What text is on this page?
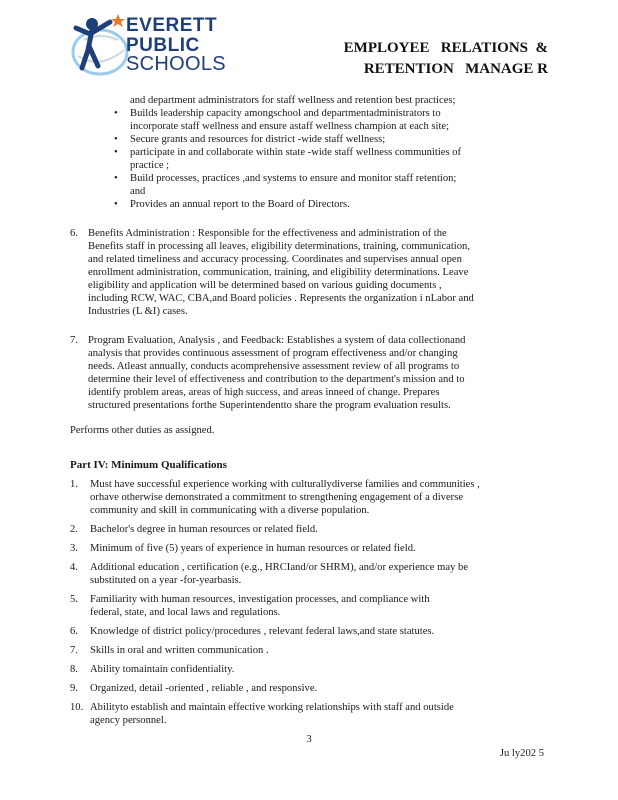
EVERETT
PUBLIC
SCHOOLS
EMPLOYEE   RELATIONS  &
RETENTION   MANAGE R
and department administrators for staff wellness and retention best practices;
• Builds leadership capacity amongschool and departmentadministrators to
incorporate staff wellness and ensure astaff wellness champion at each site;
• Secure grants and resources for district -wide staff wellness;
• participate in and collaborate within state -wide staff wellness communities of
practice ;
• Build processes, practices ,and systems to ensure and monitor staff retention;
and
• Provides an annual report to the Board of Directors.
6. Benefits Administration : Responsible for the effectiveness and administration of the
Benefits staff in processing all leaves, eligibility determinations, training, communication,
and related timeliness and accuracy processing. Coordinates and supervises annual open
enrollment administration, communication, training, and eligibility determinations. Leave
eligibility and application will be determined based on various guiding documents ,
including RCW, WAC, CBA,and Board policies . Represents the organization i nLabor and
Industries (L &I) cases.
7. Program Evaluation, Analysis , and Feedback: Establishes a system of data collectionand
analysis that provides continuous assessment of program effectiveness and/or changing
needs. Atleast annually, conducts acomprehensive assessment review of all programs to
determine their level of effectiveness and contribution to the department's mission and to
identify problem areas, areas of high success, and areas inneed of change. Prepares
structured presentations forthe Superintendentto share the program evaluation results.
Performs other duties as assigned.
Part IV: Minimum Qualifications
1. Must have successful experience working with culturallydiverse families and communities ,
orhave otherwise demonstrated a commitment to strengthening engagement of a diverse
community and skill in communicating with a diverse population.
2. Bachelor's degree in human resources or related field.
3. Minimum of five (5) years of experience in human resources or related field.
4. Additional education , certification (e.g., HRCIand/or SHRM), and/or experience may be
substituted on a year -for-yearbasis.
5. Familiarity with human resources, investigation processes, and compliance with
federal, state, and local laws and regulations.
6. Knowledge of district policy/procedures , relevant federal laws,and state statutes.
7. Skills in oral and written communication .
8. Ability tomaintain confidentiality.
9. Organized, detail -oriented , reliable , and responsive.
10. Abilityto establish and maintain effective working relationships with staff and outside
agency personnel.
3
Ju ly202 5
